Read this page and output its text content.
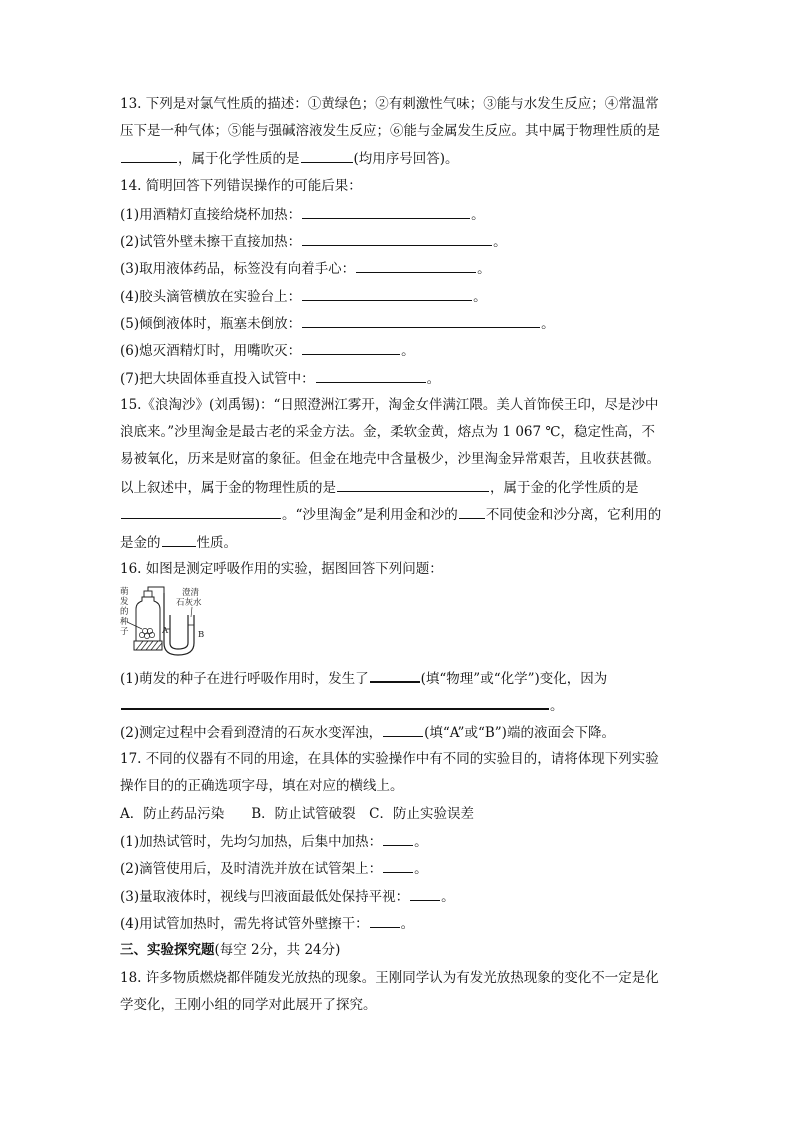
13. 下列是对氯气性质的描述：①黄绿色；②有刺激性气味；③能与水发生反应；④常温常
压下是一种气体；⑤能与强碱溶液发生反应；⑥能与金属发生反应。其中属于物理性质的是
，属于化学性质的是	(均用序号回答)。
14. 简明回答下列错误操作的可能后果：
(1)用酒精灯直接给烧杯加热：	。
(2)试管外壁未擦干直接加热：	。
(3)取用液体药品，标签没有向着手心：	。
(4)胶头滴管横放在实验台上：	。
(5)倾倒液体时，瓶塞未倒放：	。
(6)熄灭酒精灯时，用嘴吹灭：	。
(7)把大块固体垂直投入试管中：	。
15.《浪淘沙》(刘禹锡)：“日照澄洲江雾开，淘金女伴满江隈。美人首饰侯王印，尽是沙中
浪底来。”沙里淘金是最古老的采金方法。金，柔软金黄，熔点为 1 067 ℃，稳定性高，不
易被氧化，历来是财富的象征。但金在地壳中含量极少，沙里淘金异常艰苦，且收获甚微。
以上叙述中，属于金的物理性质的是	，属于金的化学性质的是
。“沙里淘金”是利用金和沙的 不同使金和沙分离，它利用的
是金的	性质。
16. 如图是测定呼吸作用的实验，据图回答下列问题：
萌
发
的
种
子	A	B
澄清
石灰水
(1)萌发的种子在进行呼吸作用时，发生了	(填“物理”或“化学”)变化，因为
。
(2)测定过程中会看到澄清的石灰水变浑浊，	(填“A”或“B”)端的液面会下降。
17. 不同的仪器有不同的用途，在具体的实验操作中有不同的实验目的，请将体现下列实验
操作目的的正确选项字母，填在对应的横线上。
A．防止药品污染　　B．防止试管破裂　C．防止实验误差
(1)加热试管时，先均匀加热，后集中加热： 。
(2)滴管使用后，及时清洗并放在试管架上： 。
(3)量取液体时，视线与凹液面最低处保持平视： 。
(4)用试管加热时，需先将试管外壁擦干： 。
三、实验探究题(每空 2分，共 24分)
18. 许多物质燃烧都伴随发光放热的现象。王刚同学认为有发光放热现象的变化不一定是化
学变化，王刚小组的同学对此展开了探究。
